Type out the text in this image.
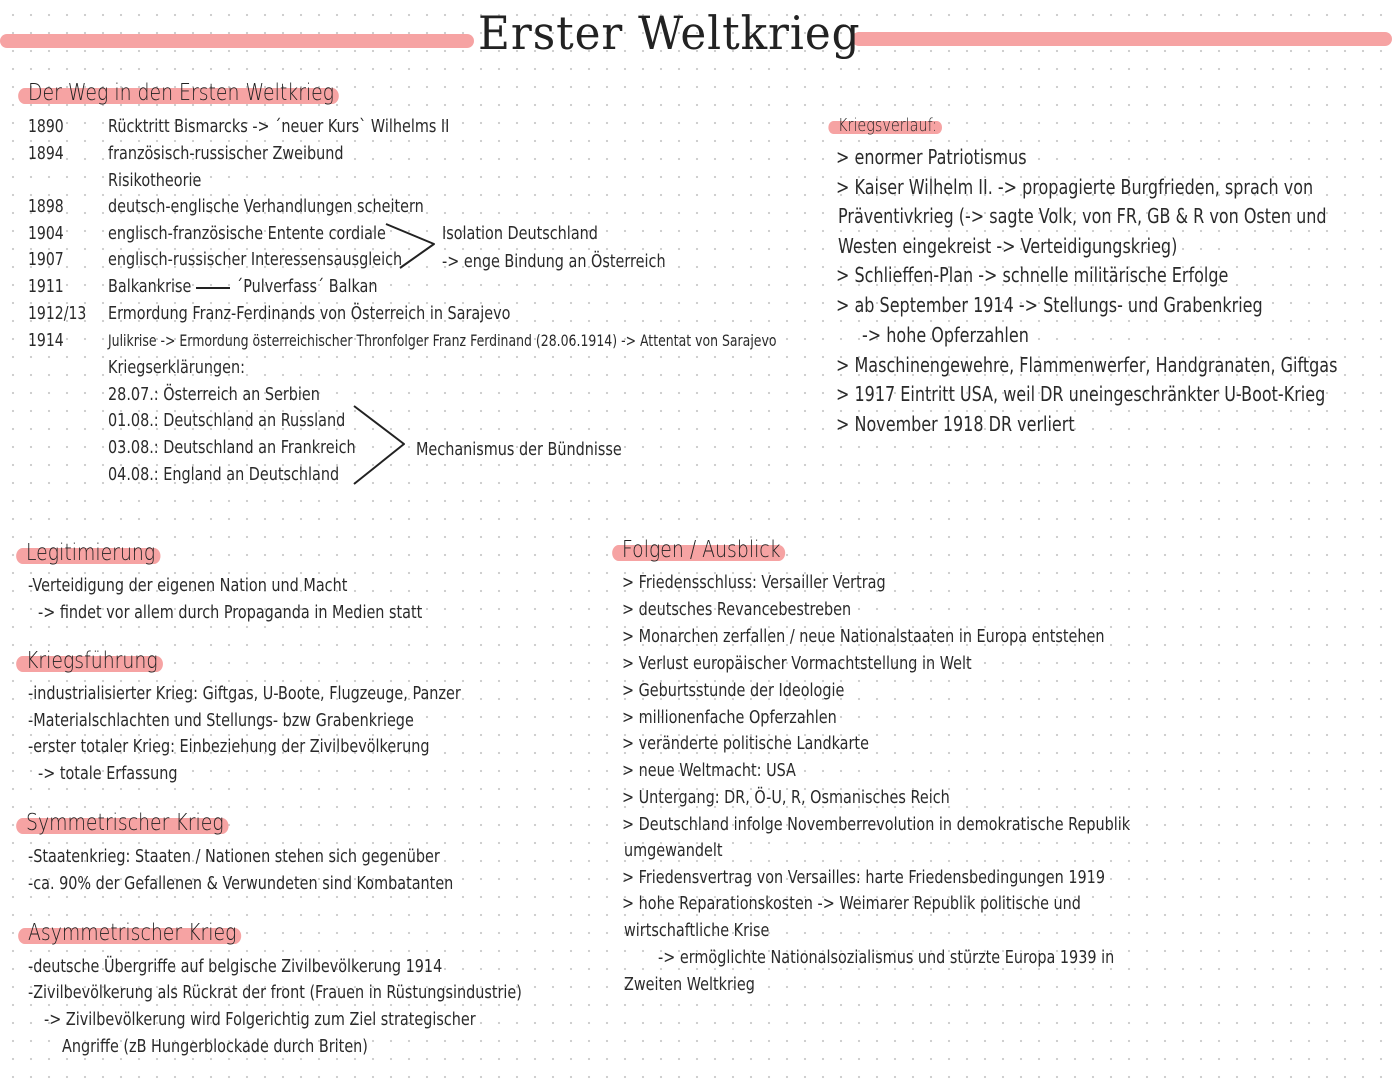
Erster Weltkrieg
Der Weg in den Ersten Weltkrieg
1890 Rücktritt Bismarcks -> ´neuer Kurs` Wilhelms II
1894 französisch-russischer Zweibund
Risikotheorie
1898 deutsch-englische Verhandlungen scheitern
1904 englisch-französische Entente cordiale
1907 englisch-russischer Interessensausgleich
1911 Balkankrise
1912/13 Ermordung Franz-Ferdinands von Österreich in Sarajevo
1914	Julikrise -> Ermordung österreichischer Thronfolger Franz Ferdinand (28.06.1914) -> Attentat von Sarajevo
Kriegserklärungen:
28.07.: Österreich an Serbien
01.08.: Deutschland an Russland
03.08.: Deutschland an Frankreich
04.08.: England an Deutschland
Isolation Deutschland
-> enge Bindung an Österreich
´Pulverfass´ Balkan
Mechanismus der Bündnisse
Kriegsverlauf:
> enormer Patriotismus
> Kaiser Wilhelm II. -> propagierte Burgfrieden, sprach von
Präventivkrieg (-> sagte Volk, von FR, GB & R von Osten und
Westen eingekreist -> Verteidigungskrieg)
> Schlieffen-Plan -> schnelle militärische Erfolge
> ab September 1914 -> Stellungs- und Grabenkrieg
-> hohe Opferzahlen
> Maschinengewehre, Flammenwerfer, Handgranaten, Giftgas
> 1917 Eintritt USA, weil DR uneingeschränkter U-Boot-Krieg
> November 1918 DR verliert
Legitimierung
-Verteidigung der eigenen Nation und Macht
-> findet vor allem durch Propaganda in Medien statt
Kriegsführung
-industrialisierter Krieg: Giftgas, U-Boote, Flugzeuge, Panzer
-Materialschlachten und Stellungs- bzw Grabenkriege
-erster totaler Krieg: Einbeziehung der Zivilbevölkerung
-> totale Erfassung
Symmetrischer Krieg
-Staatenkrieg: Staaten / Nationen stehen sich gegenüber
-ca. 90% der Gefallenen & Verwundeten sind Kombatanten
Asymmetrischer Krieg
-deutsche Übergriffe auf belgische Zivilbevölkerung 1914
-Zivilbevölkerung als Rückrat der front (Frauen in Rüstungsindustrie)
-> Zivilbevölkerung wird Folgerichtig zum Ziel strategischer
Angriffe (zB Hungerblockade durch Briten)
Folgen / Ausblick
> Friedensschluss: Versailler Vertrag
> deutsches Revancebestreben
> Monarchen zerfallen / neue Nationalstaaten in Europa entstehen
> Verlust europäischer Vormachtstellung in Welt
> Geburtsstunde der Ideologie
> millionenfache Opferzahlen
> veränderte politische Landkarte
> neue Weltmacht: USA
> Untergang: DR, Ö-U, R, Osmanisches Reich
> Deutschland infolge Novemberrevolution in demokratische Republik
umgewandelt
> Friedensvertrag von Versailles: harte Friedensbedingungen 1919
> hohe Reparationskosten -> Weimarer Republik politische und
wirtschaftliche Krise
-> ermöglichte Nationalsozialismus und stürzte Europa 1939 in
Zweiten Weltkrieg
